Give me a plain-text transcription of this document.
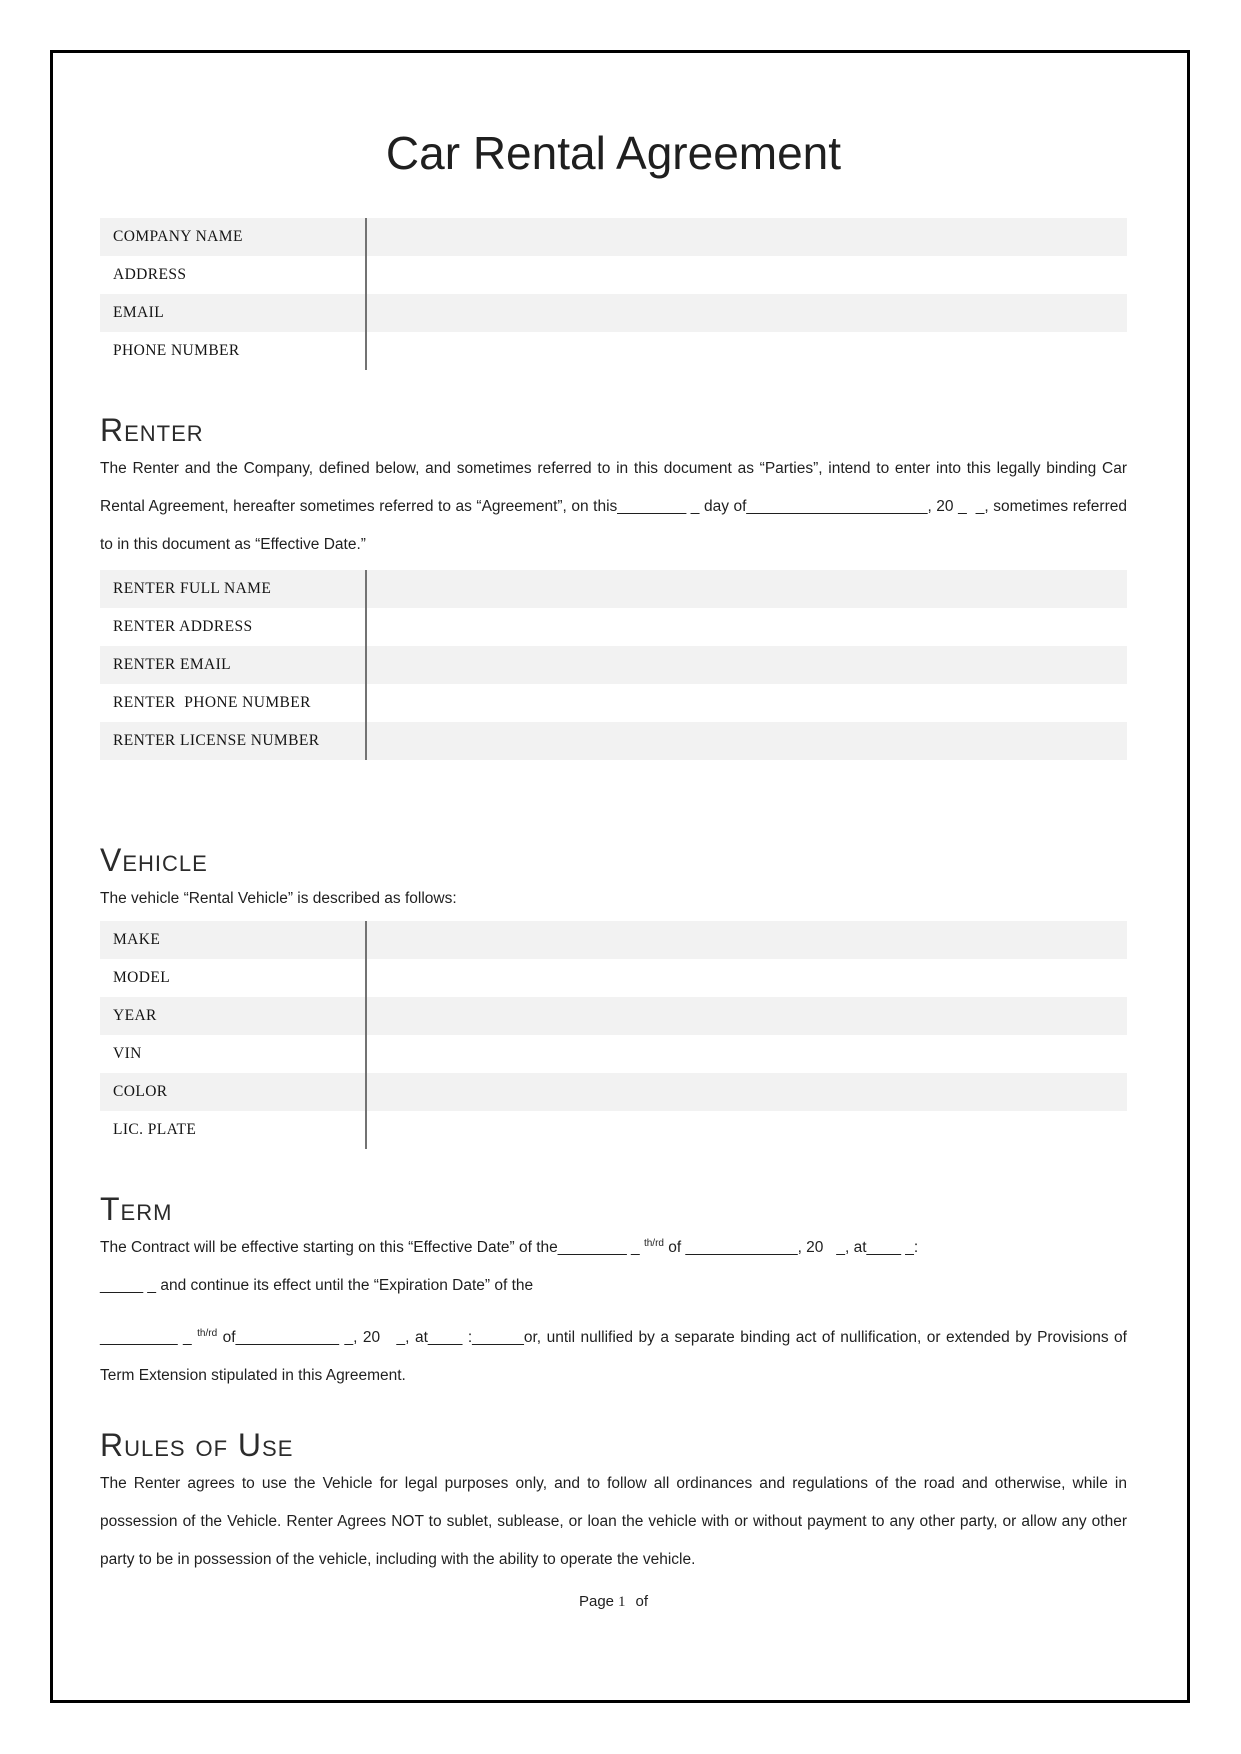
Car Rental Agreement
COMPANY NAME
ADDRESS
EMAIL
PHONE NUMBER
Renter

The Renter and the Company, defined below, and sometimes referred to in this document as “Parties”, intend to enter into this legally binding Car Rental Agreement, hereafter sometimes referred to as “Agreement”, on this________ _ day of_____________________, 20 _  _, sometimes referred to in this document as “Effective Date.”

RENTER FULL NAME
RENTER ADDRESS
RENTER EMAIL
RENTER  PHONE NUMBER
RENTER LICENSE NUMBER
Vehicle

The vehicle “Rental Vehicle” is described as follows:

MAKE
MODEL
YEAR
VIN
COLOR
LIC. PLATE
Term

The Contract will be effective starting on this “Effective Date” of the________ _ $^{th/rd}$ of _____________, 20   _, at____ _:

_____ _ and continue its effect until the “Expiration Date” of the

_________ _ $^{th/rd}$ of____________ _, 20   _, at____ :______or, until nullified by a separate binding act of nullification, or extended by Provisions of Term Extension stipulated in this Agreement.

Rules of Use

The Renter agrees to use the Vehicle for legal purposes only, and to follow all ordinances and regulations of the road and otherwise, while in possession of the Vehicle. Renter Agrees NOT to sublet, sublease, or loan the vehicle with or without payment to any other party, or allow any other party to be in possession of the vehicle, including with the ability to operate the vehicle.

Page 1 of
